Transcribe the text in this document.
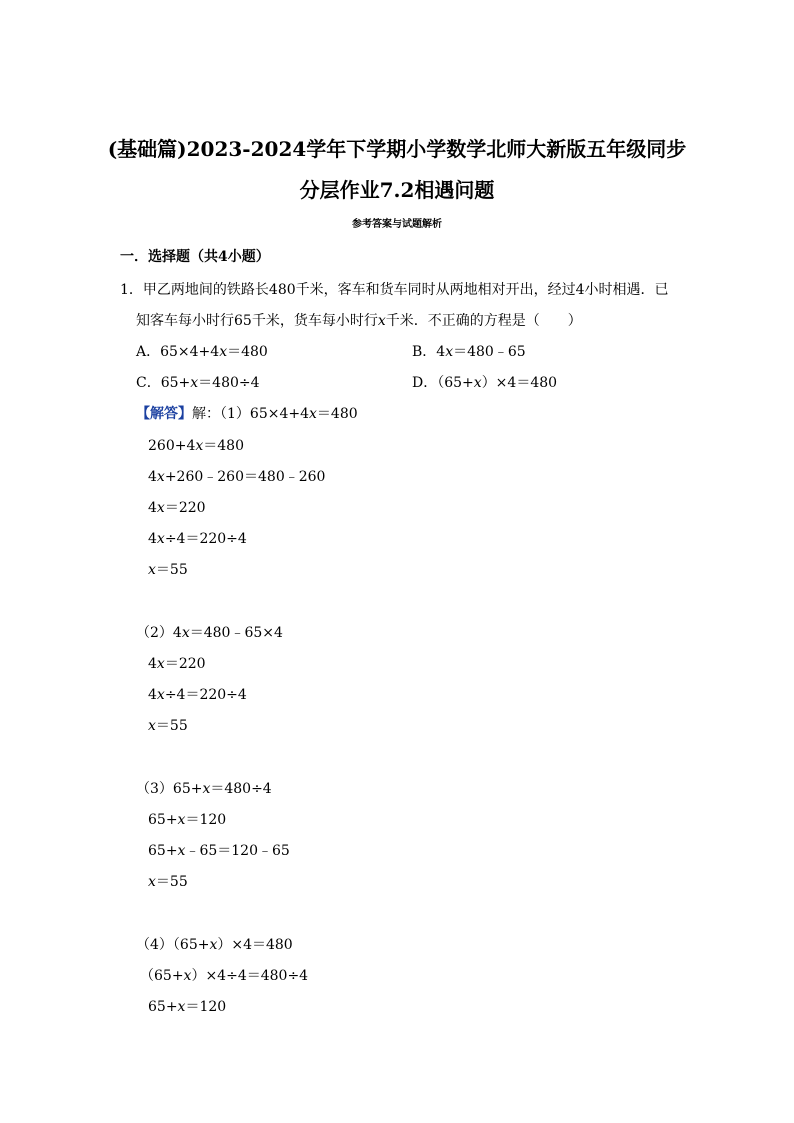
(基础篇)2023-2024学年下学期小学数学北师大新版五年级同步
分层作业7.2相遇问题
参考答案与试题解析
一．选择题（共4小题）
1．甲乙两地间的铁路长480千米，客车和货车同时从两地相对开出，经过4小时相遇．已
知客车每小时行65千米，货车每小时行x千米．不正确的方程是（　　）
A．65×4+4x＝480	B．4x＝480﹣65
C．65+x＝480÷4	D．（65+x）×4＝480
【解答】解：（1）65×4+4x＝480
260+4x＝480
4x+260﹣260＝480﹣260
4x＝220
4x÷4＝220÷4
x＝55
（2）4x＝480﹣65×4
4x＝220
4x÷4＝220÷4
x＝55
（3）65+x＝480÷4
65+x＝120
65+x﹣65＝120﹣65
x＝55
（4）（65+x）×4＝480
（65+x）×4÷4＝480÷4
65+x＝120
